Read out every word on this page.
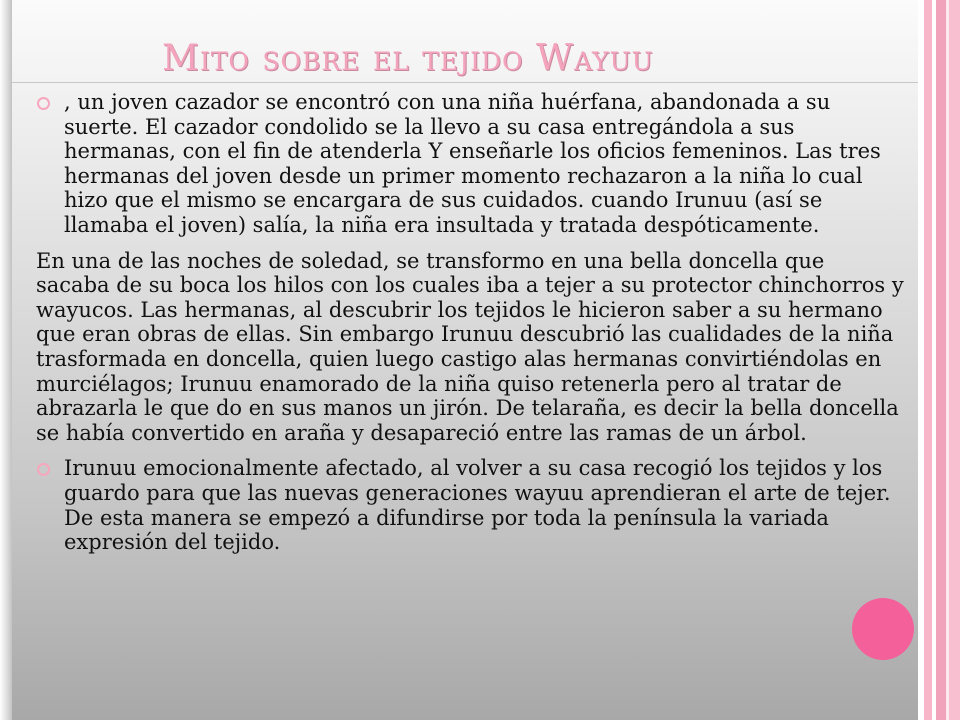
Mito sobre el tejido Wayuu

, un joven cazador se encontró con una niña huérfana, abandonada a su suerte. El cazador condolido se la llevo a su casa entregándola a sus hermanas, con el fin de atenderla Y enseñarle los oficios femeninos. Las tres hermanas del joven desde un primer momento rechazaron a la niña lo cual hizo que el mismo se encargara de sus cuidados. cuando Irunuu (así se llamaba el joven) salía, la niña era insultada y tratada despóticamente.

En una de las noches de soledad, se transformo en una bella doncella que sacaba de su boca los hilos con los cuales iba a tejer a su protector chinchorros y wayucos. Las hermanas, al descubrir los tejidos le hicieron saber a su hermano que eran obras de ellas. Sin embargo Irunuu descubrió las cualidades de la niña trasformada en doncella, quien luego castigo alas hermanas convirtiéndolas en murciélagos; Irunuu enamorado de la niña quiso retenerla pero al tratar de abrazarla le que do en sus manos un jirón. De telaraña, es decir la bella doncella se había convertido en araña y desapareció entre las ramas de un árbol.

Irunuu emocionalmente afectado, al volver a su casa recogió los tejidos y los guardo para que las nuevas generaciones wayuu aprendieran el arte de tejer. De esta manera se empezó a difundirse por toda la península la variada expresión del tejido.
